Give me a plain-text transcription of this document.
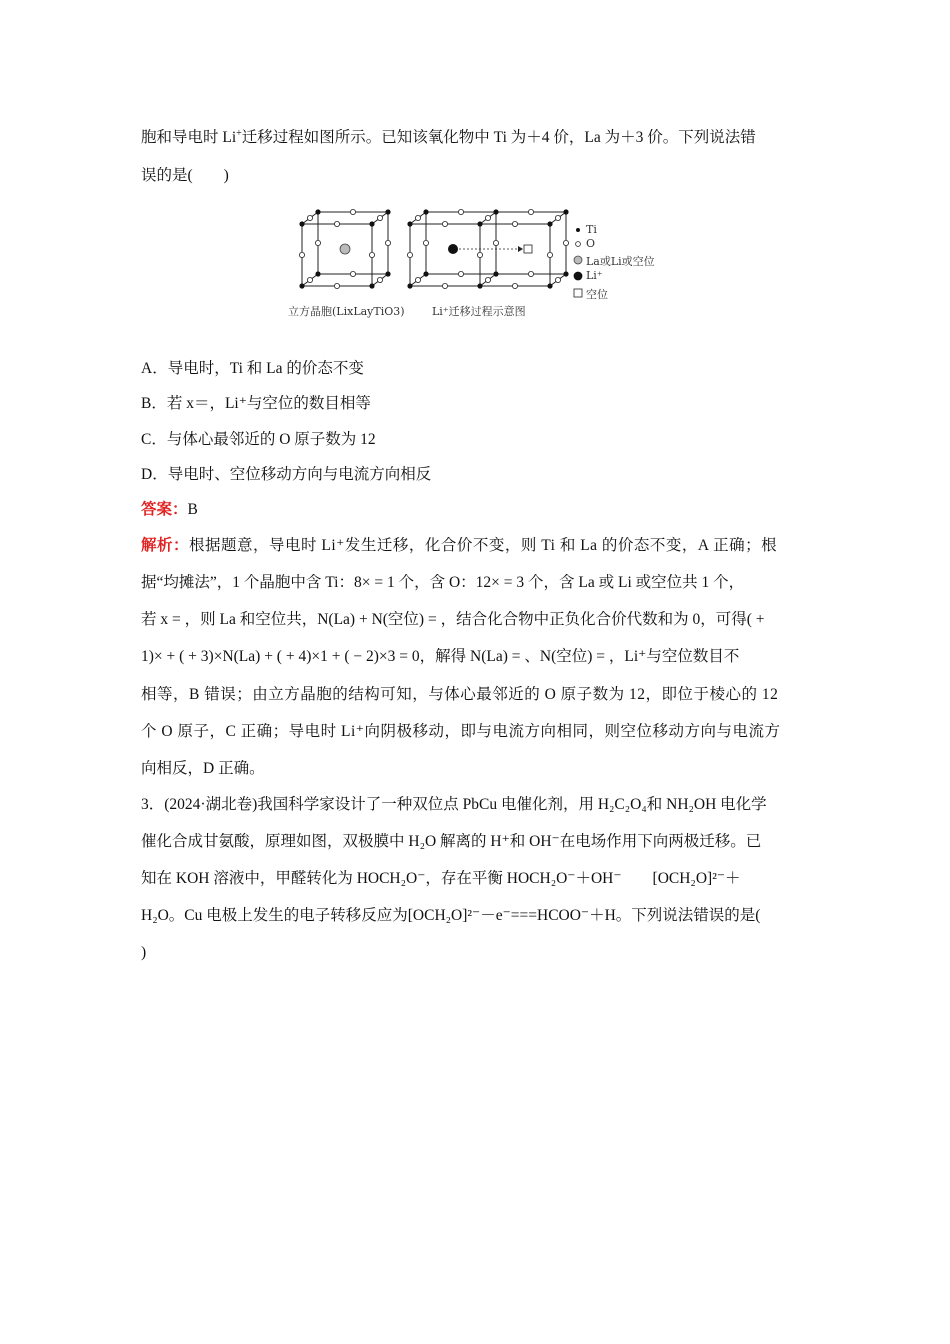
胞和导电时 Li+迁移过程如图所示。已知该氧化物中 Ti 为＋4 价，La 为＋3 价。下列说法错
误的是(　　)
Ti
O
La或Li或空位
Li⁺
空位
立方晶胞(LixLayTiO3) Li⁺迁移过程示意图
A．导电时，Ti 和 La 的价态不变
B．若 x＝，Li⁺与空位的数目相等
C．与体心最邻近的 O 原子数为 12
D．导电时、空位移动方向与电流方向相反
答案：B
解析：根据题意，导电时 Li⁺发生迁移，化合价不变，则 Ti 和 La 的价态不变，A 正确；根
据“均摊法”，1 个晶胞中含 Ti：8× = 1 个，含 O：12× = 3 个，含 La 或 Li 或空位共 1 个，
若 x = ，则 La 和空位共，N(La) + N(空位) = ，结合化合物中正负化合价代数和为 0，可得( +
1)× + ( + 3)×N(La) + ( + 4)×1 + ( − 2)×3 = 0，解得 N(La) = 、N(空位) = ，Li⁺与空位数目不
相等，B 错误；由立方晶胞的结构可知，与体心最邻近的 O 原子数为 12，即位于棱心的 12
个 O 原子，C 正确；导电时 Li⁺向阴极移动，即与电流方向相同，则空位移动方向与电流方
向相反，D 正确。
3．(2024·湖北卷)我国科学家设计了一种双位点 PbCu 电催化剂，用 H₂C₂O₄和 NH₂OH 电化学
催化合成甘氨酸，原理如图，双极膜中 H₂O 解离的 H⁺和 OH⁻在电场作用下向两极迁移。已
知在 KOH 溶液中，甲醛转化为 HOCH₂O⁻，存在平衡 HOCH₂O⁻＋OH⁻　　[OCH₂O]²⁻＋
H₂O。Cu 电极上发生的电子转移反应为[OCH₂O]²⁻－e⁻===HCOO⁻＋H。下列说法错误的是(
)
